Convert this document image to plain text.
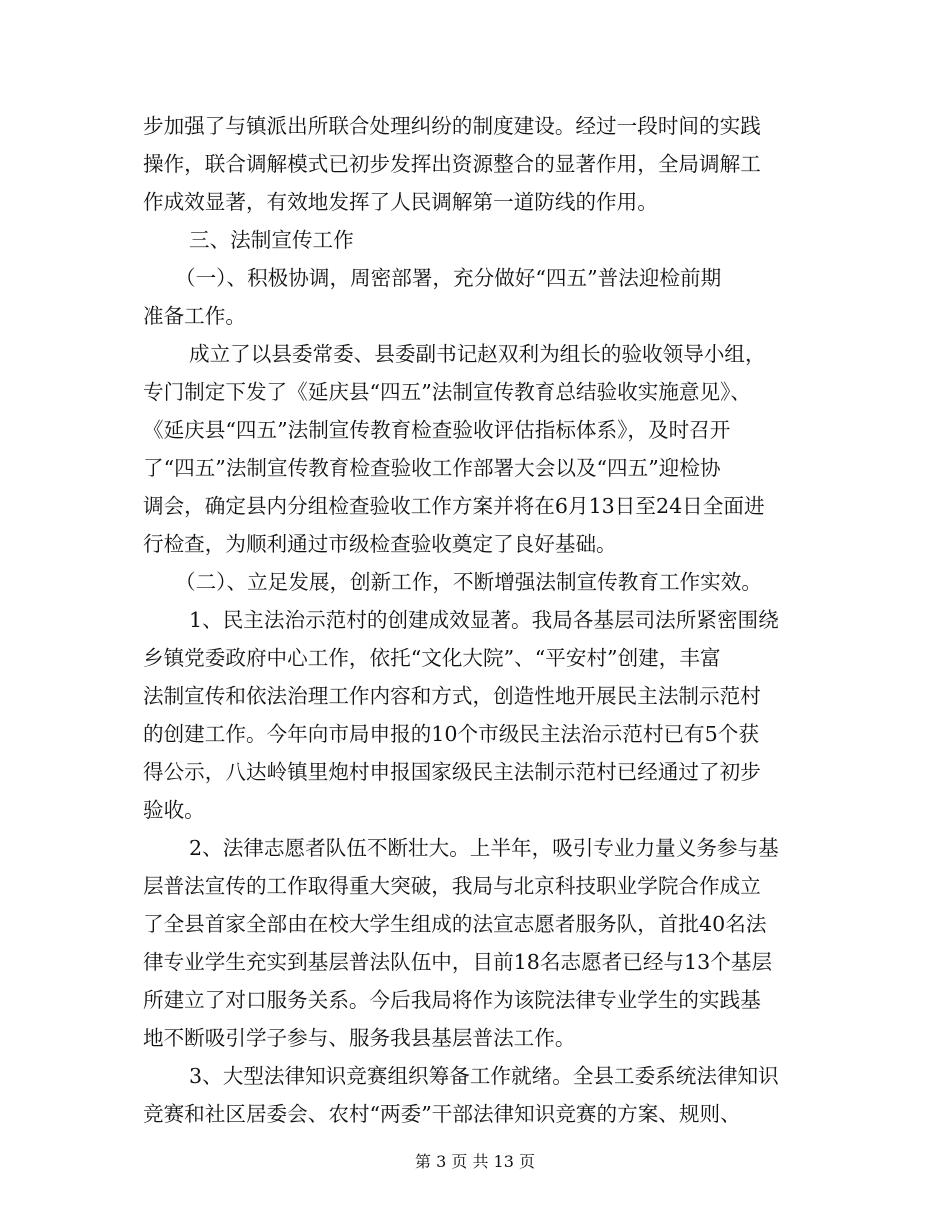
步加强了与镇派出所联合处理纠纷的制度建设。经过一段时间的实践

操作，联合调解模式已初步发挥出资源整合的显著作用，全局调解工

作成效显著，有效地发挥了人民调解第一道防线的作用。

三、法制宣传工作

（一）、积极协调，周密部署，充分做好“四五”普法迎检前期

准备工作。

成立了以县委常委、县委副书记赵双利为组长的验收领导小组，

专门制定下发了《延庆县“四五”法制宣传教育总结验收实施意见》、

《延庆县“四五”法制宣传教育检查验收评估指标体系》，及时召开

了“四五”法制宣传教育检查验收工作部署大会以及“四五”迎检协

调会，确定县内分组检查验收工作方案并将在6月13日至24日全面进

行检查，为顺利通过市级检查验收奠定了良好基础。

（二）、立足发展，创新工作，不断增强法制宣传教育工作实效。

1、民主法治示范村的创建成效显著。我局各基层司法所紧密围绕

乡镇党委政府中心工作，依托“文化大院”、“平安村”创建，丰富

法制宣传和依法治理工作内容和方式，创造性地开展民主法制示范村

的创建工作。今年向市局申报的10个市级民主法治示范村已有5个获

得公示，八达岭镇里炮村申报国家级民主法制示范村已经通过了初步

验收。

2、法律志愿者队伍不断壮大。上半年，吸引专业力量义务参与基

层普法宣传的工作取得重大突破，我局与北京科技职业学院合作成立

了全县首家全部由在校大学生组成的法宣志愿者服务队，首批40名法

律专业学生充实到基层普法队伍中，目前18名志愿者已经与13个基层

所建立了对口服务关系。今后我局将作为该院法律专业学生的实践基

地不断吸引学子参与、服务我县基层普法工作。

3、大型法律知识竞赛组织筹备工作就绪。全县工委系统法律知识

竞赛和社区居委会、农村“两委”干部法律知识竞赛的方案、规则、

第 3 页 共 13 页
